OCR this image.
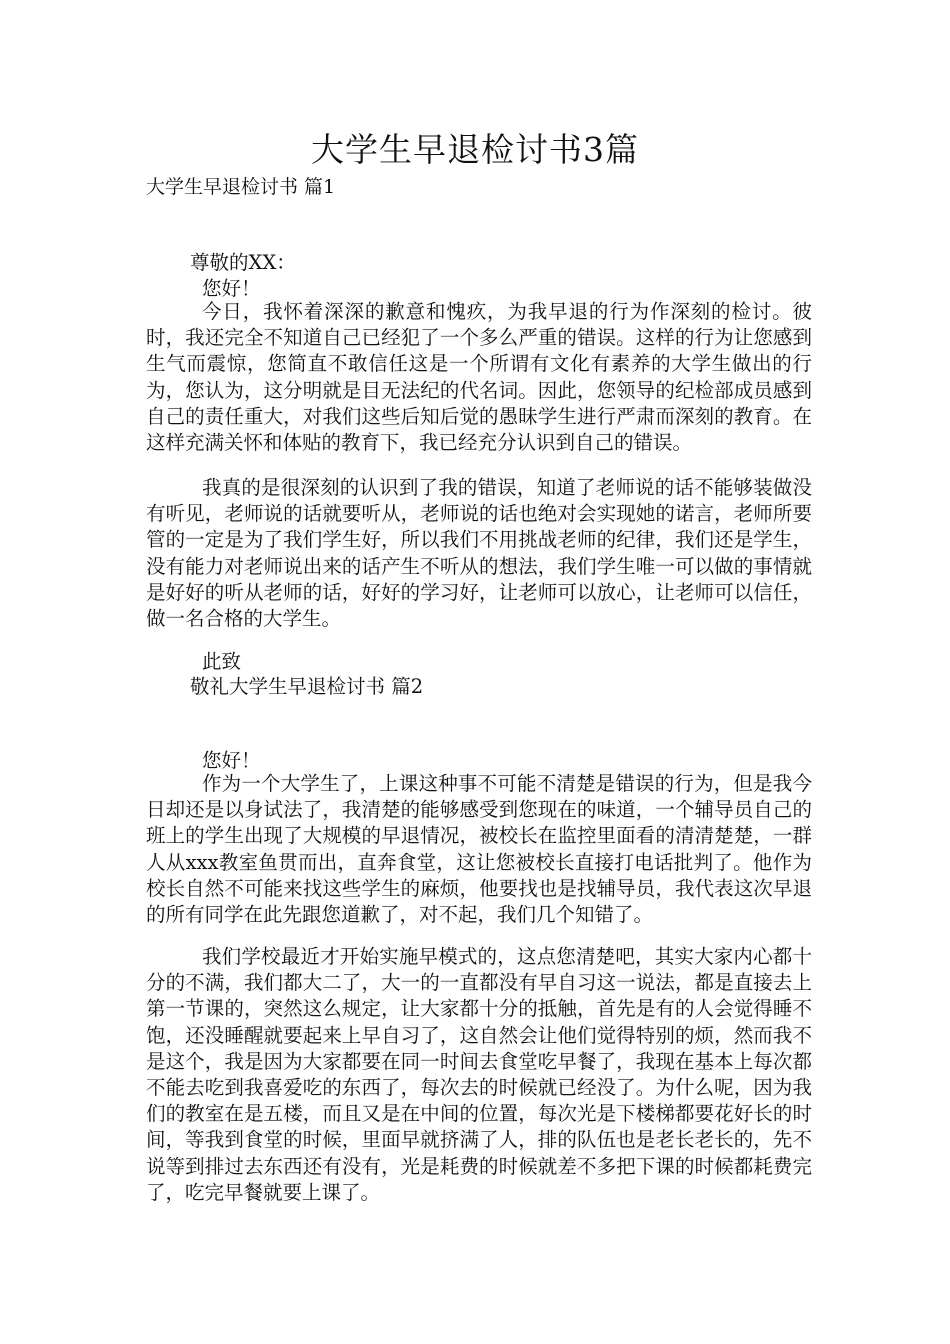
大学生早退检讨书3篇
大学生早退检讨书 篇1
尊敬的XX：
您好！

今日，我怀着深深的歉意和愧疚，为我早退的行为作深刻的检讨。彼时，我还完全不知道自己已经犯了一个多么严重的错误。这样的行为让您感到生气而震惊，您简直不敢信任这是一个所谓有文化有素养的大学生做出的行为，您认为，这分明就是目无法纪的代名词。因此，您领导的纪检部成员感到自己的责任重大，对我们这些后知后觉的愚昧学生进行严肃而深刻的教育。在这样充满关怀和体贴的教育下，我已经充分认识到自己的错误。

我真的是很深刻的认识到了我的错误，知道了老师说的话不能够装做没有听见，老师说的话就要听从，老师说的话也绝对会实现她的诺言，老师所要管的一定是为了我们学生好，所以我们不用挑战老师的纪律，我们还是学生，没有能力对老师说出来的话产生不听从的想法，我们学生唯一可以做的事情就是好好的听从老师的话，好好的学习好，让老师可以放心，让老师可以信任，做一名合格的大学生。

此致
敬礼大学生早退检讨书 篇2
您好！

作为一个大学生了，上课这种事不可能不清楚是错误的行为，但是我今日却还是以身试法了，我清楚的能够感受到您现在的味道，一个辅导员自己的班上的学生出现了大规模的早退情况，被校长在监控里面看的清清楚楚，一群人从xxx教室鱼贯而出，直奔食堂，这让您被校长直接打电话批判了。他作为校长自然不可能来找这些学生的麻烦，他要找也是找辅导员，我代表这次早退的所有同学在此先跟您道歉了，对不起，我们几个知错了。

我们学校最近才开始实施早模式的，这点您清楚吧，其实大家内心都十分的不满，我们都大二了，大一的一直都没有早自习这一说法，都是直接去上第一节课的，突然这么规定，让大家都十分的抵触，首先是有的人会觉得睡不饱，还没睡醒就要起来上早自习了，这自然会让他们觉得特别的烦，然而我不是这个，我是因为大家都要在同一时间去食堂吃早餐了，我现在基本上每次都不能去吃到我喜爱吃的东西了，每次去的时候就已经没了。为什么呢，因为我们的教室在是五楼，而且又是在中间的位置，每次光是下楼梯都要花好长的时间，等我到食堂的时候，里面早就挤满了人，排的队伍也是老长老长的，先不说等到排过去东西还有没有，光是耗费的时候就差不多把下课的时候都耗费完了，吃完早餐就要上课了。
